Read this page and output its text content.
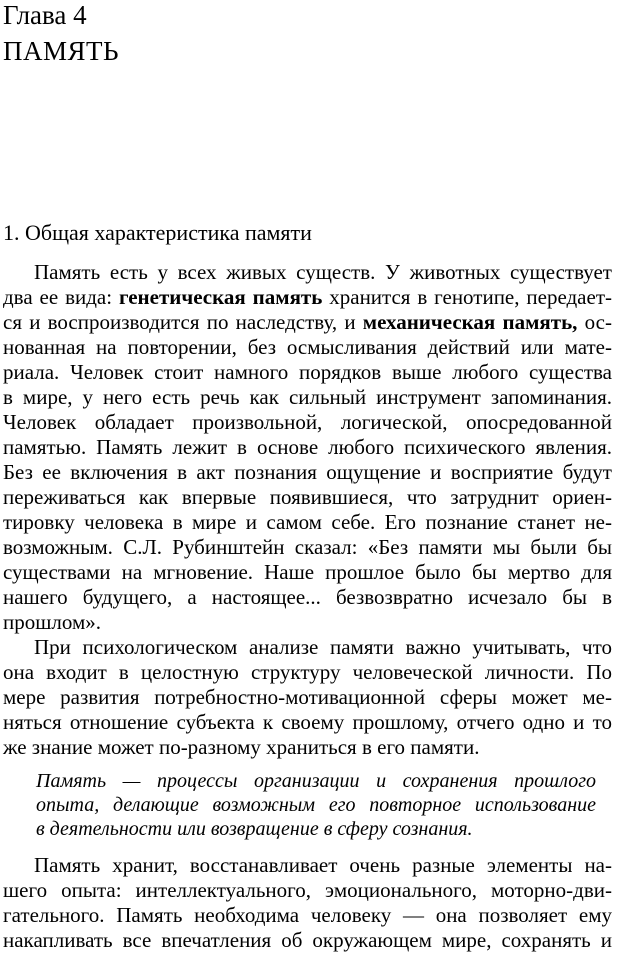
Глава 4
ПАМЯТЬ
1. Общая характеристика памяти
Память есть у всех живых существ. У животных существует
два ее вида: генетическая память хранится в генотипе, передает-
ся и воспроизводится по наследству, и механическая память, ос-
нованная на повторении, без осмысливания действий или мате-
риала. Человек стоит намного порядков выше любого существа
в мире, у него есть речь как сильный инструмент запоминания.
Человек обладает произвольной, логической, опосредованной
памятью. Память лежит в основе любого психического явления.
Без ее включения в акт познания ощущение и восприятие будут
переживаться как впервые появившиеся, что затруднит ориен-
тировку человека в мире и самом себе. Его познание станет не-
возможным. С.Л. Рубинштейн сказал: «Без памяти мы были бы
существами на мгновение. Наше прошлое было бы мертво для
нашего будущего, а настоящее... безвозвратно исчезало бы в
прошлом».
При психологическом анализе памяти важно учитывать, что
она входит в целостную структуру человеческой личности. По
мере развития потребностно-мотивационной сферы может ме-
няться отношение субъекта к своему прошлому, отчего одно и то
же знание может по-разному храниться в его памяти.
Память — процессы организации и сохранения прошлого
опыта, делающие возможным его повторное использование
в деятельности или возвращение в сферу сознания.
Память хранит, восстанавливает очень разные элементы на-
шего опыта: интеллектуального, эмоционального, моторно-дви-
гательного. Память необходима человеку — она позволяет ему
накапливать все впечатления об окружающем мире, сохранять и
